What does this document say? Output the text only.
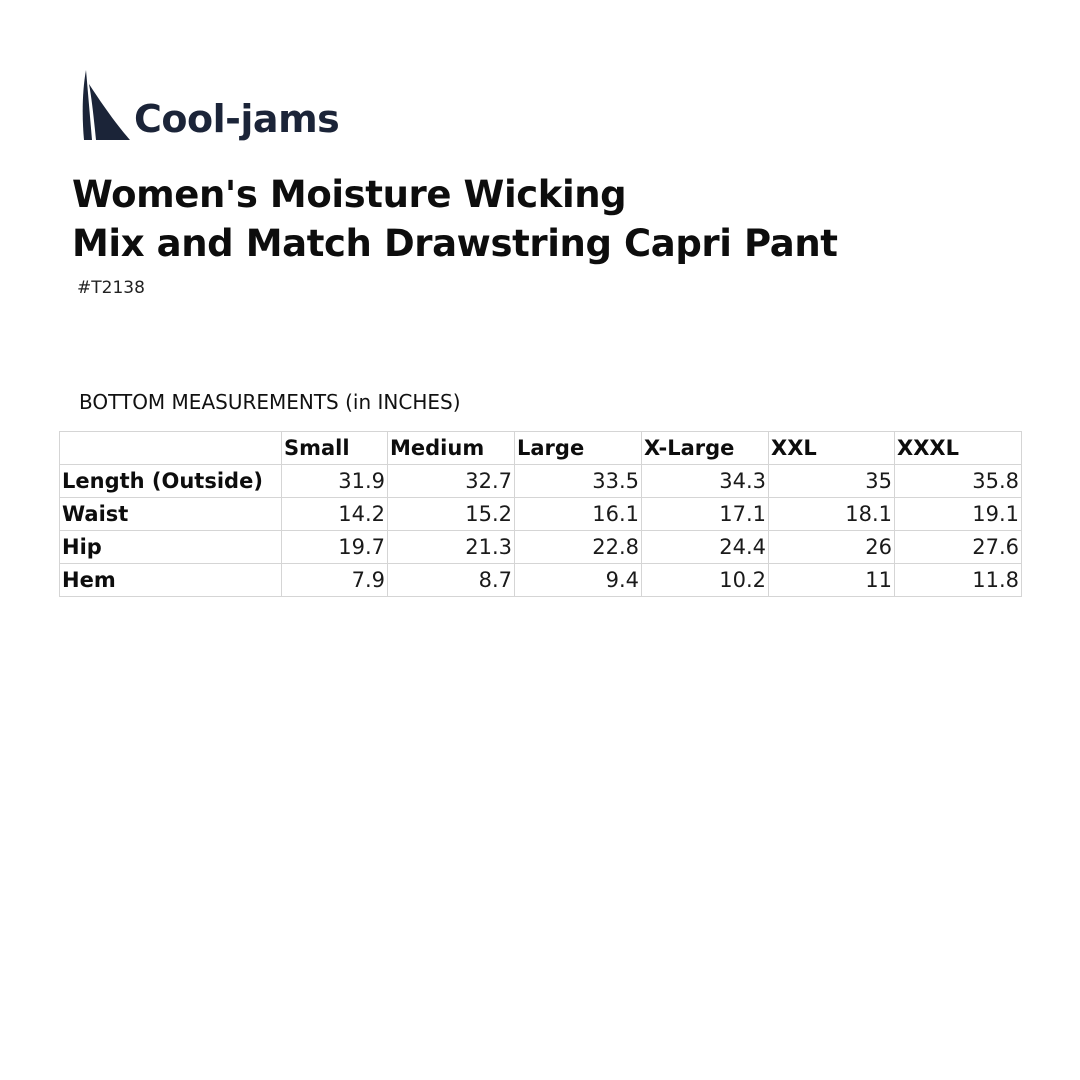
Cool-jams
Women's Moisture Wicking
Mix and Match Drawstring Capri Pant
#T2138
BOTTOM MEASUREMENTS (in INCHES)
	Small	Medium	Large	X-Large	XXL	XXXL
Length (Outside)	31.9	32.7	33.5	34.3	35	35.8
Waist	14.2	15.2	16.1	17.1	18.1	19.1
Hip	19.7	21.3	22.8	24.4	26	27.6
Hem	7.9	8.7	9.4	10.2	11	11.8
